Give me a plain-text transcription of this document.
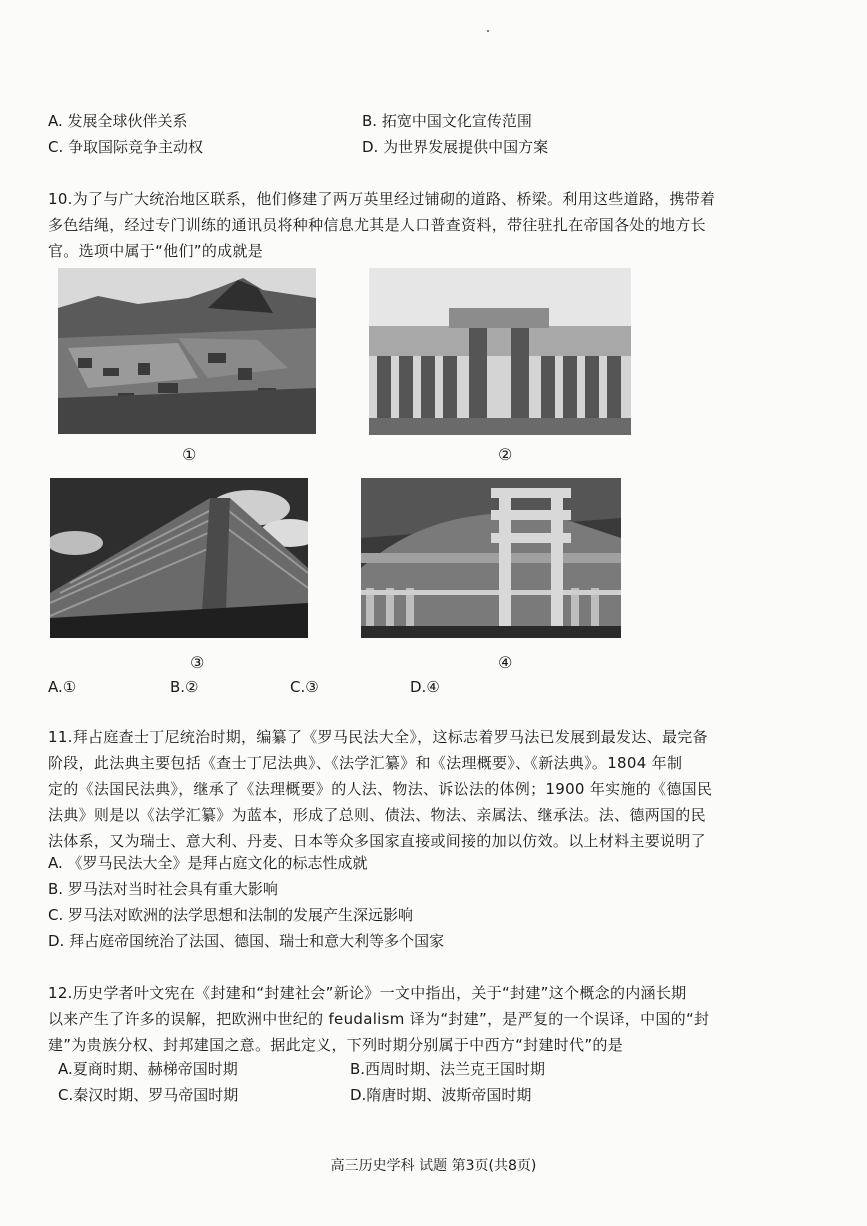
A. 发展全球伙伴关系	B. 拓宽中国文化宣传范围
C. 争取国际竞争主动权	D. 为世界发展提供中国方案
10.为了与广大统治地区联系，他们修建了两万英里经过铺砌的道路、桥梁。利用这些道路，携带着
多色结绳，经过专门训练的通讯员将种种信息尤其是人口普查资料，带往驻扎在帝国各处的地方长
官。选项中属于“他们”的成就是
①	②
③	④
A.①	B.②	C.③	D.④
11.拜占庭查士丁尼统治时期，编纂了《罗马民法大全》，这标志着罗马法已发展到最发达、最完备
阶段，此法典主要包括《查士丁尼法典》、《法学汇纂》和《法理概要》、《新法典》。1804 年制
定的《法国民法典》，继承了《法理概要》的人法、物法、诉讼法的体例；1900 年实施的《德国民
法典》则是以《法学汇纂》为蓝本，形成了总则、债法、物法、亲属法、继承法。法、德两国的民
法体系，又为瑞士、意大利、丹麦、日本等众多国家直接或间接的加以仿效。以上材料主要说明了
A. 《罗马民法大全》是拜占庭文化的标志性成就
B. 罗马法对当时社会具有重大影响
C. 罗马法对欧洲的法学思想和法制的发展产生深远影响
D. 拜占庭帝国统治了法国、德国、瑞士和意大利等多个国家
12.历史学者叶文宪在《封建和“封建社会”新论》一文中指出，关于“封建”这个概念的内涵长期
以来产生了许多的误解，把欧洲中世纪的 feudalism 译为“封建”，是严复的一个误译，中国的“封
建”为贵族分权、封邦建国之意。据此定义，下列时期分别属于中西方“封建时代”的是
A.夏商时期、赫梯帝国时期	B.西周时期、法兰克王国时期
C.秦汉时期、罗马帝国时期	D.隋唐时期、波斯帝国时期
高三历史学科 试题 第3页(共8页)
